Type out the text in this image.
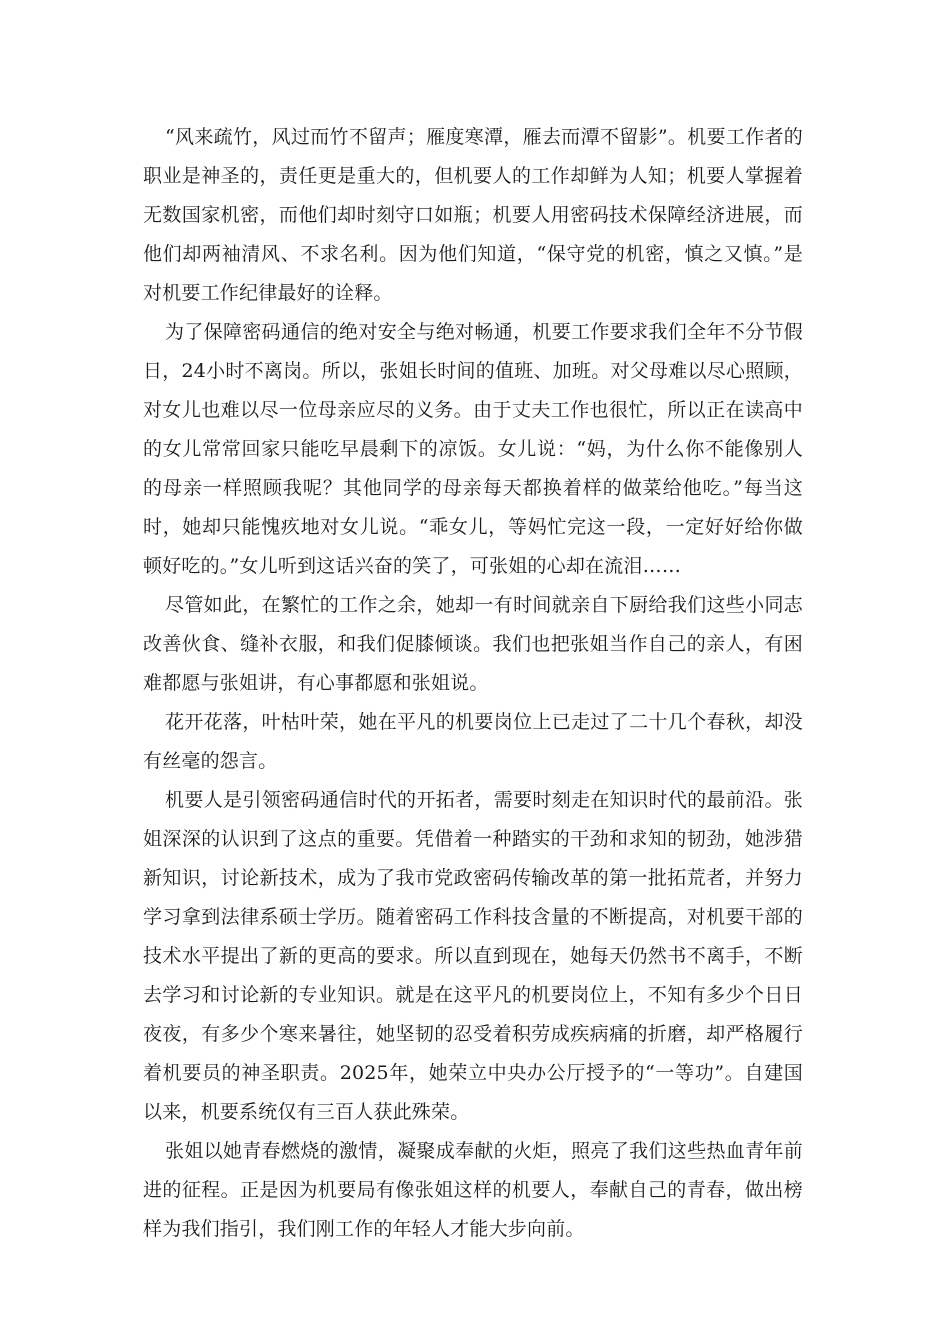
“风来疏竹，风过而竹不留声；雁度寒潭，雁去而潭不留影”。机要工作者的职业是神圣的，责任更是重大的，但机要人的工作却鲜为人知；机要人掌握着无数国家机密，而他们却时刻守口如瓶；机要人用密码技术保障经济进展，而他们却两袖清风、不求名利。因为他们知道，“保守党的机密，慎之又慎。”是对机要工作纪律最好的诠释。

为了保障密码通信的绝对安全与绝对畅通，机要工作要求我们全年不分节假日，24小时不离岗。所以，张姐长时间的值班、加班。对父母难以尽心照顾，对女儿也难以尽一位母亲应尽的义务。由于丈夫工作也很忙，所以正在读高中的女儿常常回家只能吃早晨剩下的凉饭。女儿说：“妈，为什么你不能像别人的母亲一样照顾我呢？其他同学的母亲每天都换着样的做菜给他吃。”每当这时，她却只能愧疚地对女儿说。“乖女儿，等妈忙完这一段，一定好好给你做顿好吃的。”女儿听到这话兴奋的笑了，可张姐的心却在流泪……

尽管如此，在繁忙的工作之余，她却一有时间就亲自下厨给我们这些小同志改善伙食、缝补衣服，和我们促膝倾谈。我们也把张姐当作自己的亲人，有困难都愿与张姐讲，有心事都愿和张姐说。

花开花落，叶枯叶荣，她在平凡的机要岗位上已走过了二十几个春秋，却没有丝毫的怨言。

机要人是引领密码通信时代的开拓者，需要时刻走在知识时代的最前沿。张姐深深的认识到了这点的重要。凭借着一种踏实的干劲和求知的韧劲，她涉猎新知识，讨论新技术，成为了我市党政密码传输改革的第一批拓荒者，并努力学习拿到法律系硕士学历。随着密码工作科技含量的不断提高，对机要干部的技术水平提出了新的更高的要求。所以直到现在，她每天仍然书不离手，不断去学习和讨论新的专业知识。就是在这平凡的机要岗位上，不知有多少个日日夜夜，有多少个寒来暑往，她坚韧的忍受着积劳成疾病痛的折磨，却严格履行着机要员的神圣职责。2025年，她荣立中央办公厅授予的“一等功”。自建国以来，机要系统仅有三百人获此殊荣。

张姐以她青春燃烧的激情，凝聚成奉献的火炬，照亮了我们这些热血青年前进的征程。正是因为机要局有像张姐这样的机要人，奉献自己的青春，做出榜样为我们指引，我们刚工作的年轻人才能大步向前。
